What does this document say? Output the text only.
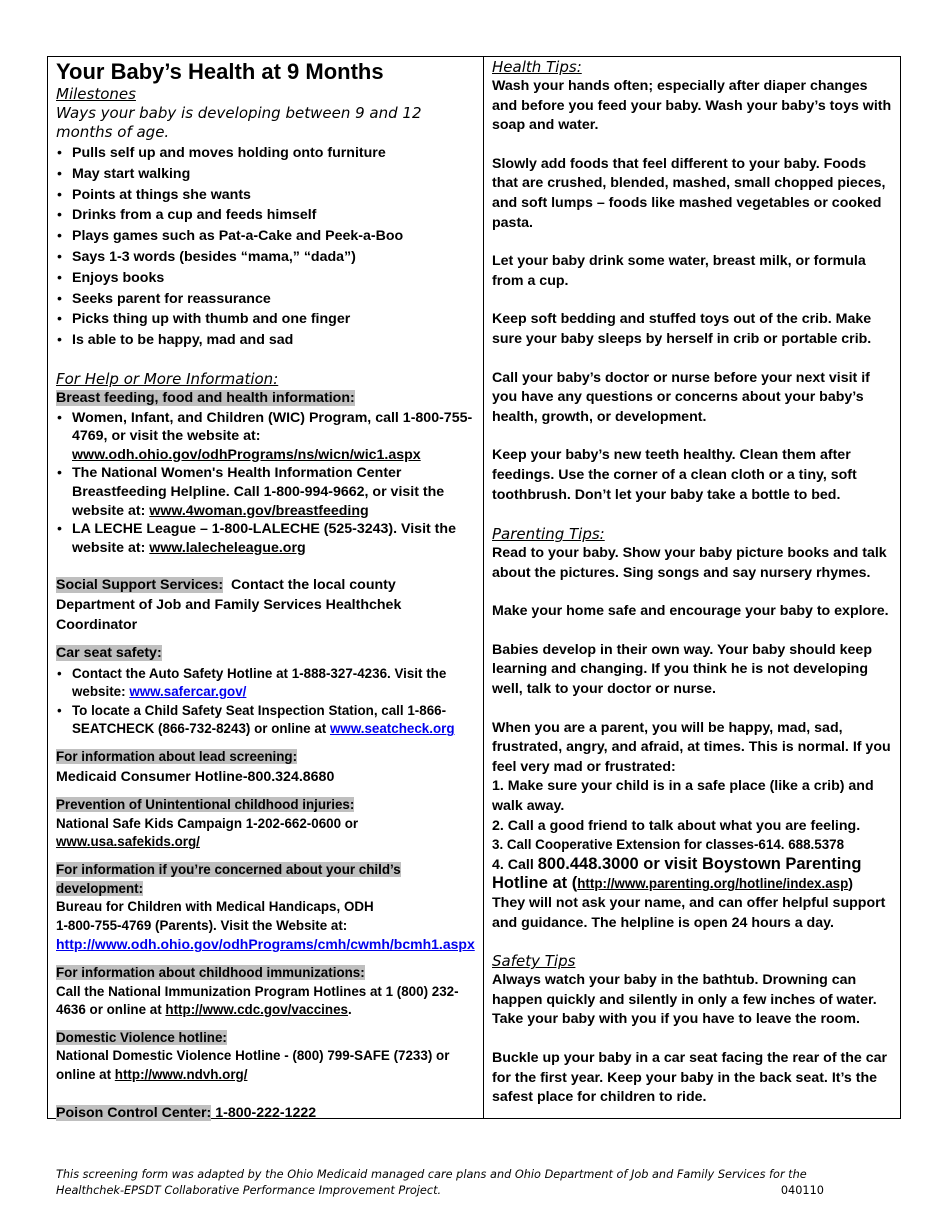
Your Baby’s Health at 9 Months
Milestones

Ways your baby is developing between 9 and 12 months of age.

• Pulls self up and moves holding onto furniture
• May start walking
• Points at things she wants
• Drinks from a cup and feeds himself
• Plays games such as Pat-a-Cake and Peek-a-Boo
• Says 1-3 words (besides “mama,” “dada”)
• Enjoys books
• Seeks parent for reassurance
• Picks thing up with thumb and one finger
• Is able to be happy, mad and sad
For Help or More Information:
Breast feeding, food and health information:
• Women, Infant, and Children (WIC) Program, call 1-800-755-4769, or visit the website at: www.odh.ohio.gov/odhPrograms/ns/wicn/wic1.aspx
• The National Women's Health Information Center Breastfeeding Helpline. Call 1-800-994-9662, or visit the website at: www.4woman.gov/breastfeeding
• LA LECHE League – 1-800-LALECHE (525-3243). Visit the website at: www.lalecheleague.org

Social Support Services: Contact the local county Department of Job and Family Services Healthchek Coordinator

Car seat safety:
• Contact the Auto Safety Hotline at 1-888-327-4236. Visit the website: www.safercar.gov/
• To locate a Child Safety Seat Inspection Station, call 1-866-SEATCHECK (866-732-8243) or online at www.seatcheck.org
For information about lead screening:
Medicaid Consumer Hotline-800.324.8680
Prevention of Unintentional childhood injuries:
National Safe Kids Campaign 1-202-662-0600 or
www.usa.safekids.org/
For information if you’re concerned about your child’s development:
Bureau for Children with Medical Handicaps, ODH
1-800-755-4769 (Parents). Visit the Website at:
http://www.odh.ohio.gov/odhPrograms/cmh/cwmh/bcmh1.aspx
For information about childhood immunizations:
Call the National Immunization Program Hotlines at 1 (800) 232-4636 or online at http://www.cdc.gov/vaccines.
Domestic Violence hotline:
National Domestic Violence Hotline - (800) 799-SAFE (7233) or online at http://www.ndvh.org/

Poison Control Center: 1-800-222-1222

Health Tips:

Wash your hands often; especially after diaper changes and before you feed your baby. Wash your baby’s toys with soap and water.

Slowly add foods that feel different to your baby. Foods that are crushed, blended, mashed, small chopped pieces, and soft lumps – foods like mashed vegetables or cooked pasta.

Let your baby drink some water, breast milk, or formula from a cup.

Keep soft bedding and stuffed toys out of the crib. Make sure your baby sleeps by herself in crib or portable crib.

Call your baby’s doctor or nurse before your next visit if you have any questions or concerns about your baby’s health, growth, or development.

Keep your baby’s new teeth healthy. Clean them after feedings. Use the corner of a clean cloth or a tiny, soft toothbrush. Don’t let your baby take a bottle to bed.

Parenting Tips:

Read to your baby. Show your baby picture books and talk about the pictures. Sing songs and say nursery rhymes.

Make your home safe and encourage your baby to explore.

Babies develop in their own way. Your baby should keep learning and changing. If you think he is not developing well, talk to your doctor or nurse.

When you are a parent, you will be happy, mad, sad, frustrated, angry, and afraid, at times. This is normal. If you feel very mad or frustrated:

1. Make sure your child is in a safe place (like a crib) and walk away.

2. Call a good friend to talk about what you are feeling.

3. Call Cooperative Extension for classes-614. 688.5378

4. Call 800.448.3000 or visit Boystown Parenting Hotline at (http://www.parenting.org/hotline/index.asp)

They will not ask your name, and can offer helpful support and guidance. The helpline is open 24 hours a day.

Safety Tips

Always watch your baby in the bathtub. Drowning can happen quickly and silently in only a few inches of water. Take your baby with you if you have to leave the room.

Buckle up your baby in a car seat facing the rear of the car for the first year. Keep your baby in the back seat. It’s the safest place for children to ride.

This screening form was adapted by the Ohio Medicaid managed care plans and Ohio Department of Job and Family Services for the
Healthchek-EPSDT Collaborative Performance Improvement Project.	040110
